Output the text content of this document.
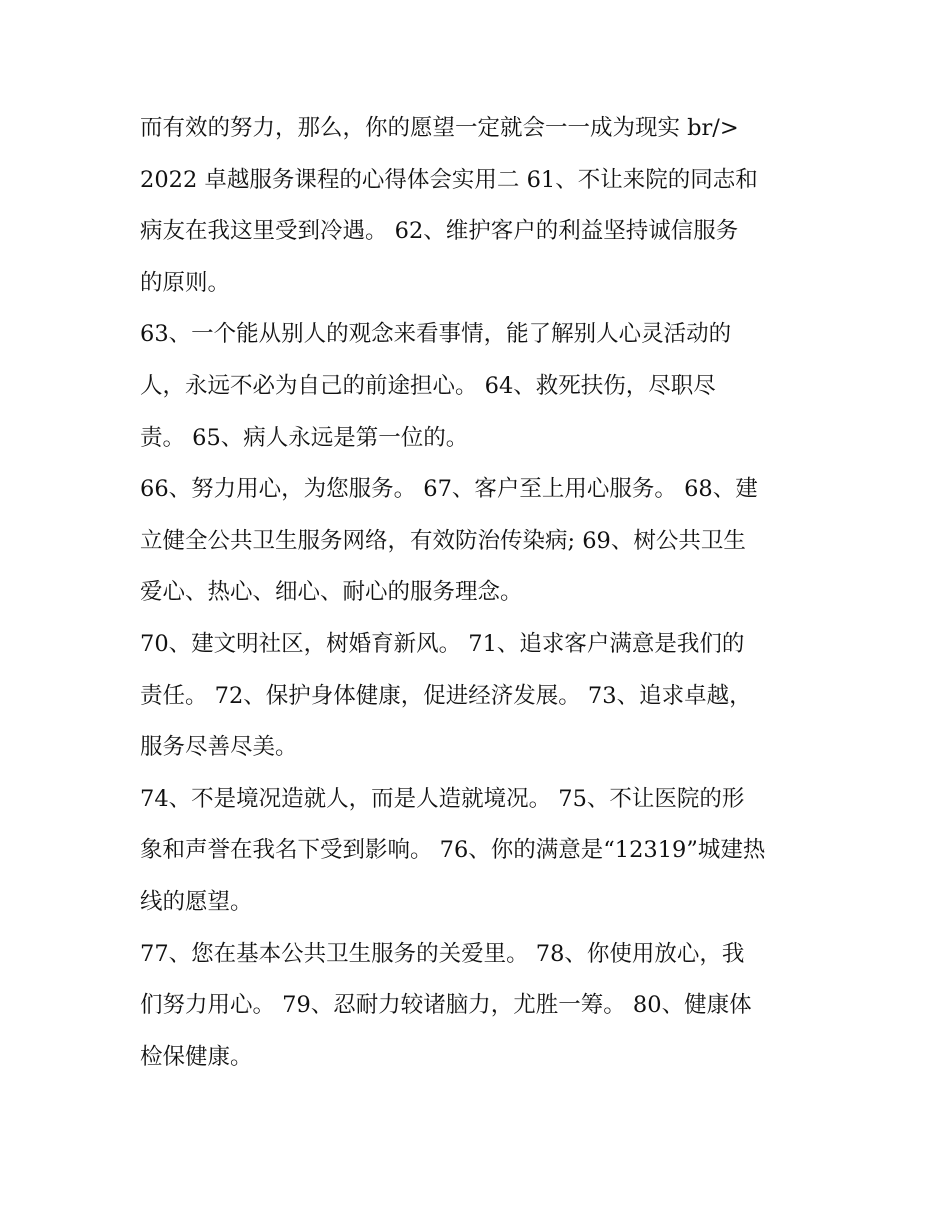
而有效的努力，那么，你的愿望一定就会一一成为现实 br/>
2022 卓越服务课程的心得体会实用二 61、不让来院的同志和
病友在我这里受到冷遇。 62、维护客户的利益坚持诚信服务
的原则。
63、一个能从别人的观念来看事情，能了解别人心灵活动的
人，永远不必为自己的前途担心。 64、救死扶伤，尽职尽
责。 65、病人永远是第一位的。
66、努力用心，为您服务。 67、客户至上用心服务。 68、建
立健全公共卫生服务网络，有效防治传染病; 69、树公共卫生
爱心、热心、细心、耐心的服务理念。
70、建文明社区，树婚育新风。 71、追求客户满意是我们的
责任。 72、保护身体健康，促进经济发展。 73、追求卓越，
服务尽善尽美。
74、不是境况造就人，而是人造就境况。 75、不让医院的形
象和声誉在我名下受到影响。 76、你的满意是“12319”城建热
线的愿望。
77、您在基本公共卫生服务的关爱里。 78、你使用放心，我
们努力用心。 79、忍耐力较诸脑力，尤胜一筹。 80、健康体
检保健康。
